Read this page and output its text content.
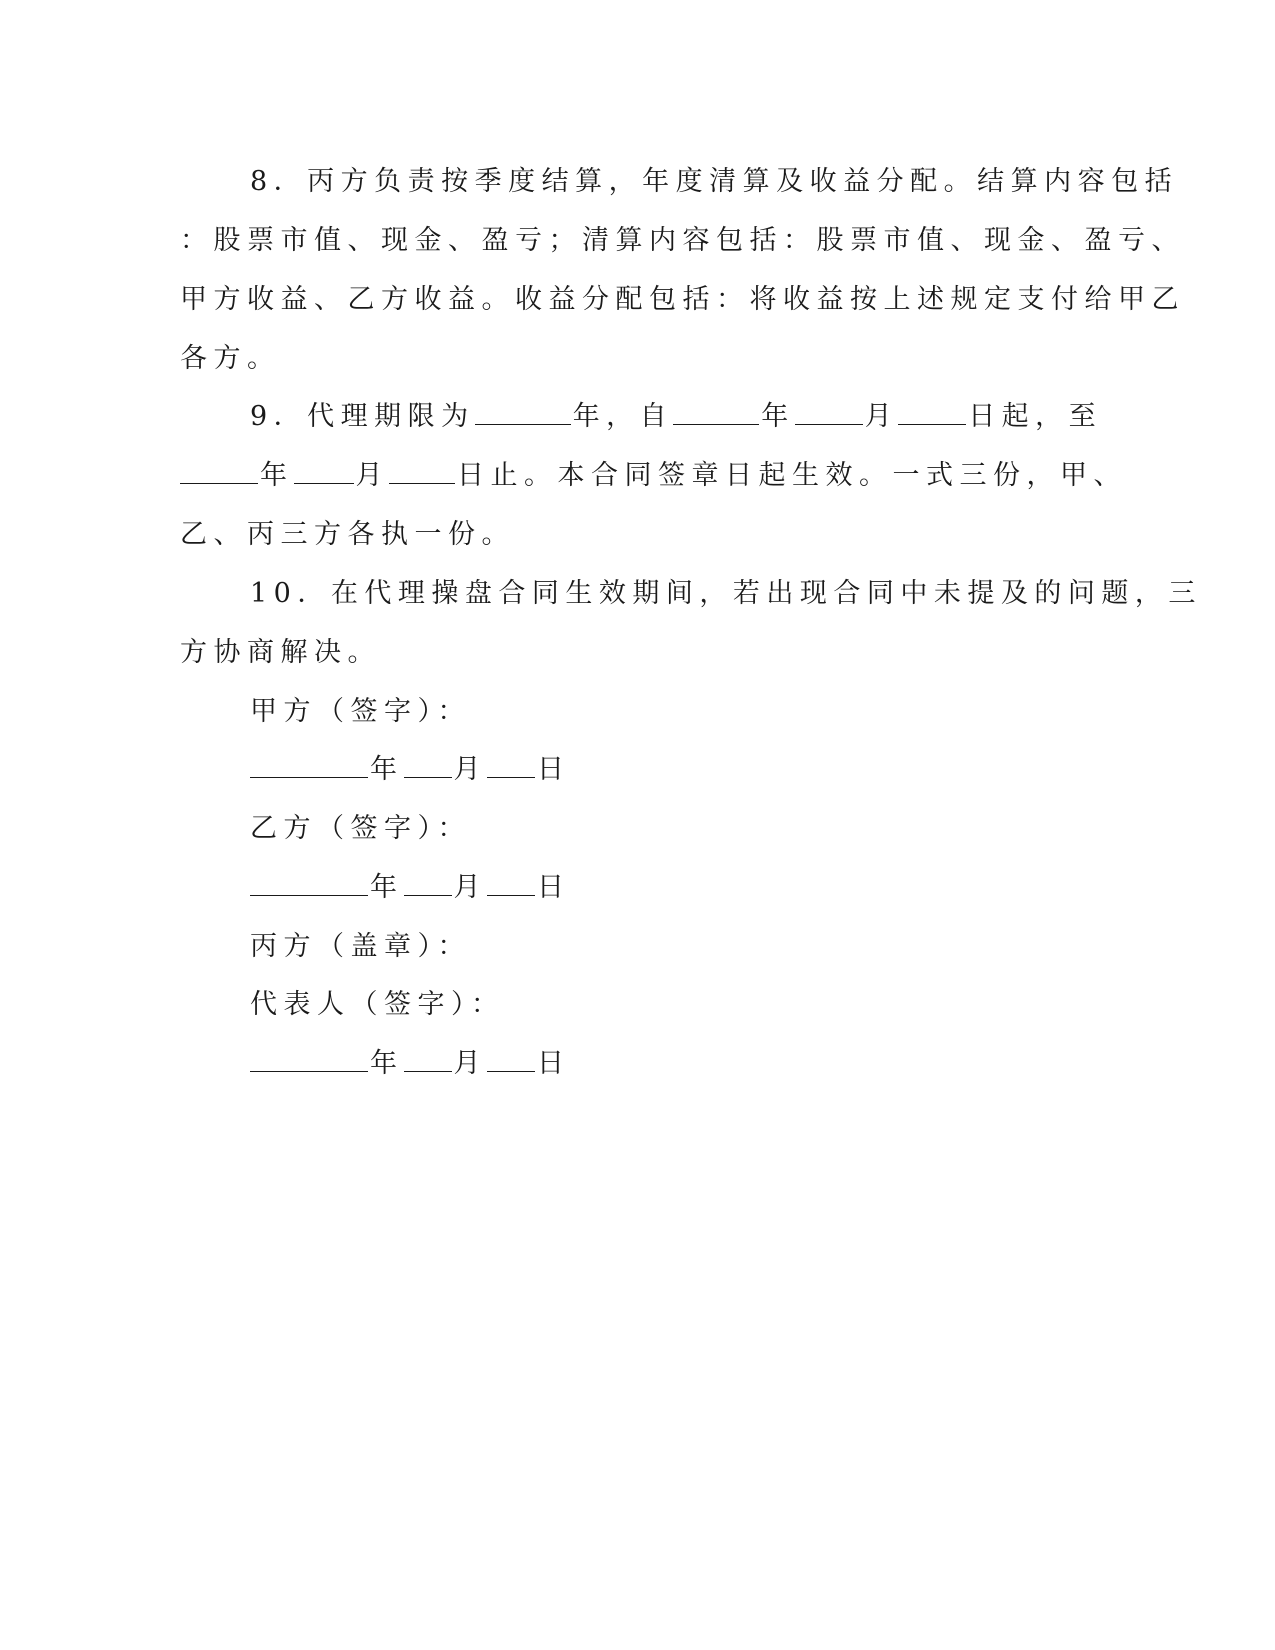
8．丙方负责按季度结算，年度清算及收益分配。结算内容包括
：股票市值、现金、盈亏；清算内容包括：股票市值、现金、盈亏、
甲方收益、乙方收益。收益分配包括：将收益按上述规定支付给甲乙
各方。
9．代理期限为	年，自	年	月	日起，至
年 月	日止。本合同签章日起生效。一式三份，甲、
乙、丙三方各执一份。
10．在代理操盘合同生效期间，若出现合同中未提及的问题，三
方协商解决。
甲方（签字）：
年 月 日
乙方（签字）：
年 月 日
丙方（盖章）：
代表人（签字）：
年 月 日
